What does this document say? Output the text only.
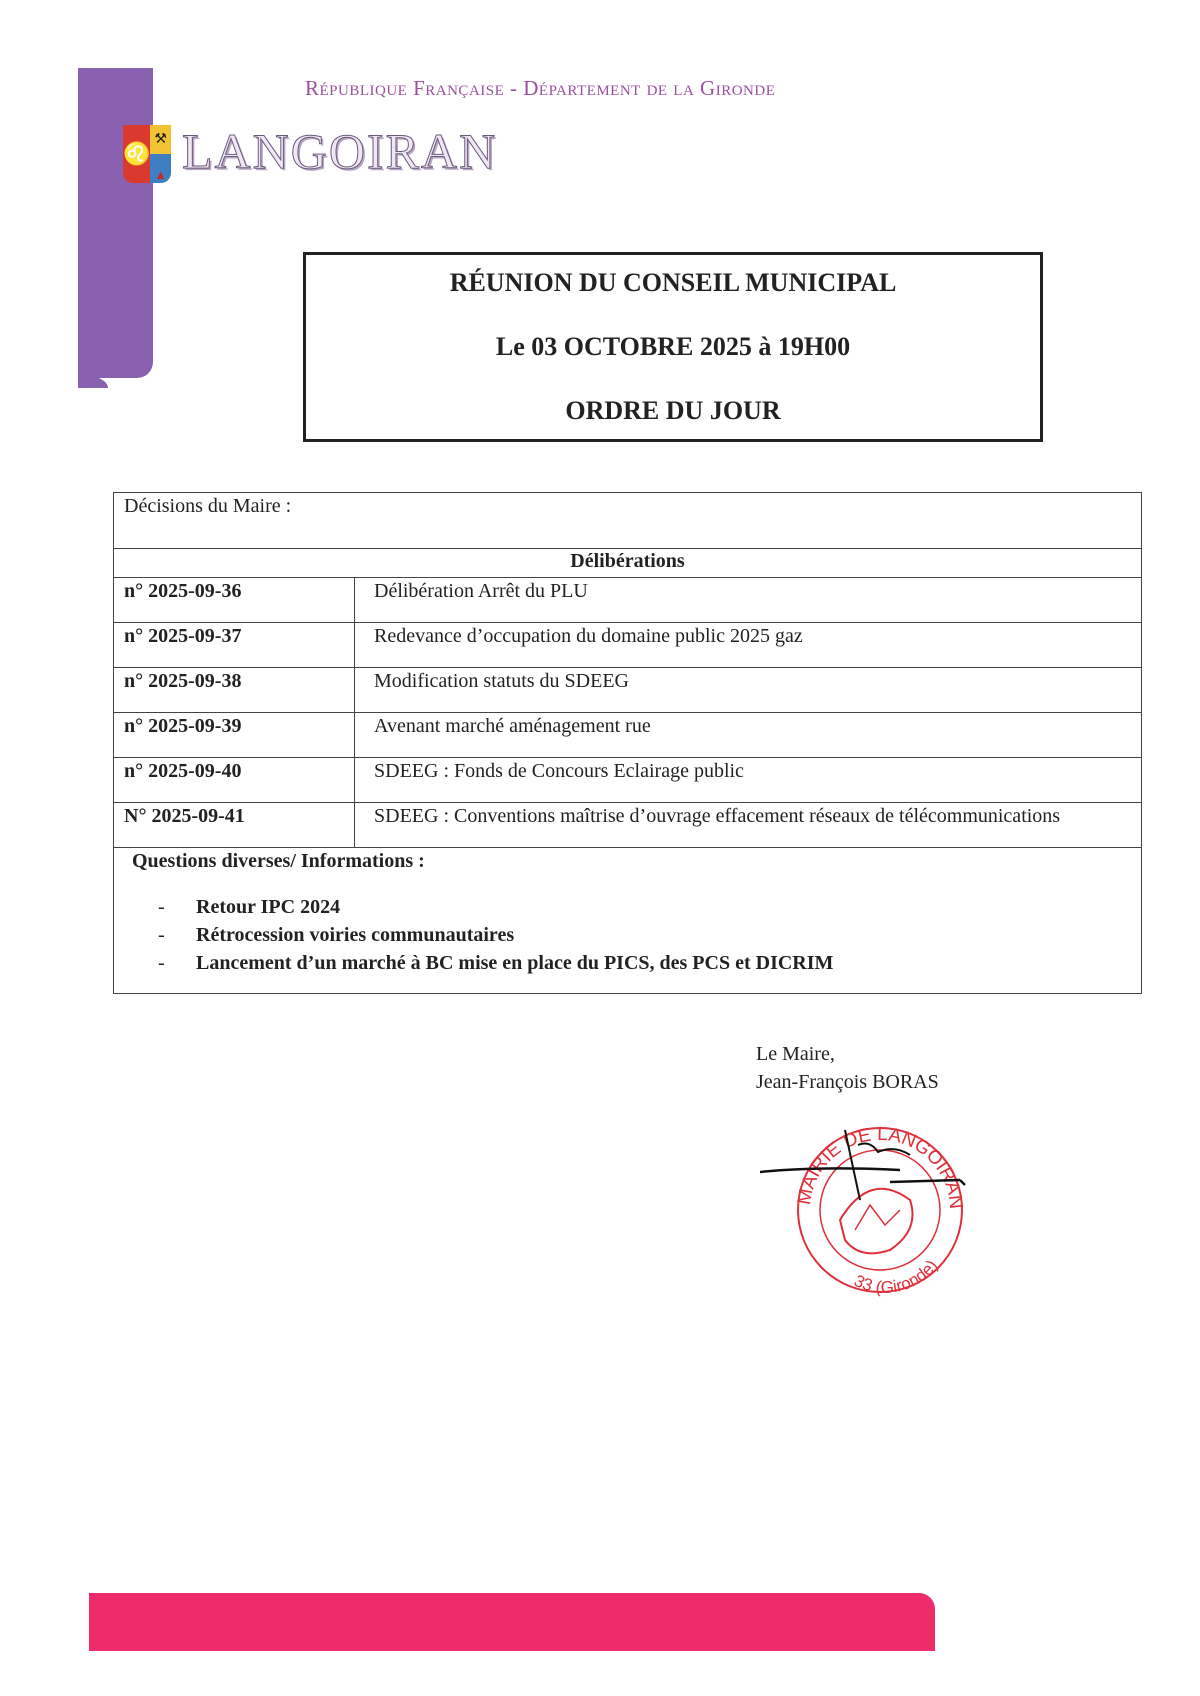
République Française - Département de la Gironde
♌
⚒
▲ LANGOIRAN
RÉUNION DU CONSEIL MUNICIPAL
Le 03 OCTOBRE 2025 à 19H00
ORDRE DU JOUR
Décisions du Maire :	
Délibérations	
n° 2025-09-36	Délibération Arrêt du PLU
n° 2025-09-37	Redevance d’occupation du domaine public 2025 gaz
n° 2025-09-38	Modification statuts du SDEEG
n° 2025-09-39	Avenant marché aménagement rue
n° 2025-09-40	SDEEG : Fonds de Concours Eclairage public
N° 2025-09-41	SDEEG : Conventions maîtrise d’ouvrage effacement réseaux de télécommunications

Questions diverses/ Informations :
-	Retour IPC 2024
-	Rétrocession voiries communautaires
-	Lancement d’un marché à BC mise en place du PICS, des PCS et DICRIM
Le Maire,
Jean-François BORAS
MAIRIE DE LANGOIRAN
33 (Gironde)
